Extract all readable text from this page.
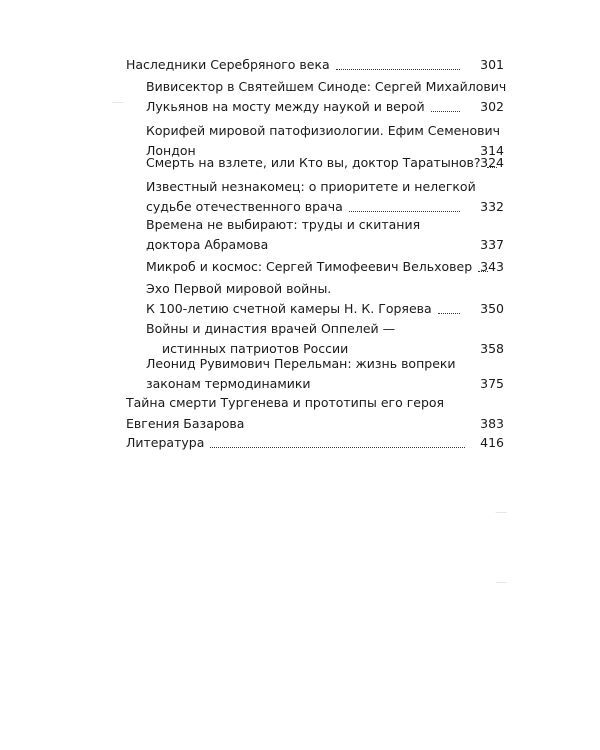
—
—
—
Наследники Серебряного века	301
Вивисектор в Святейшем Синоде: Сергей Михайлович
Лукьянов на мосту между наукой и верой	302
Корифей мировой патофизиологии. Ефим Семенович
Лондон	314
Смерть на взлете, или Кто вы, доктор Таратынов? 324
Известный незнакомец: о приоритете и нелегкой
судьбе отечественного врача	332
Времена не выбирают: труды и скитания
доктора Абрамова	337
Микроб и космос: Сергей Тимофеевич Вельховер 343
Эхо Первой мировой войны.
К 100-летию счетной камеры Н. К. Горяева	350
Войны и династия врачей Оппелей —
истинных патриотов России	358
Леонид Рувимович Перельман: жизнь вопреки
законам термодинамики	375
Тайна смерти Тургенева и прототипы его героя
Евгения Базарова	383
Литература	416
